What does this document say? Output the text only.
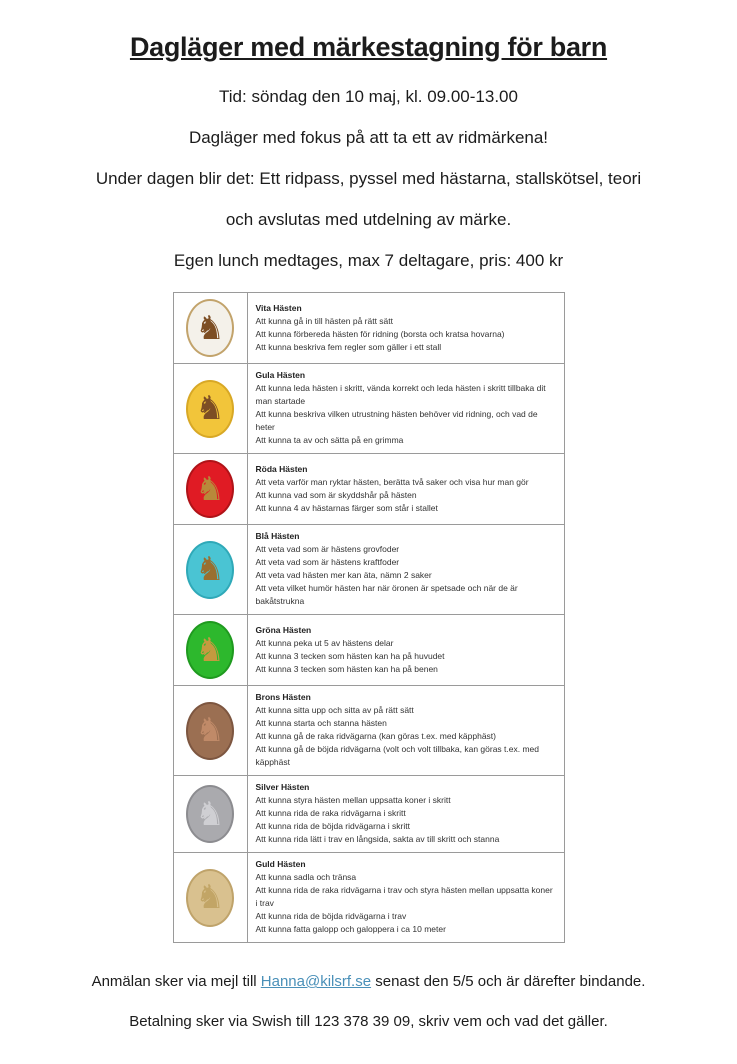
Dagläger med märkestagning för barn

Tid: söndag den 10 maj, kl. 09.00-13.00

Dagläger med fokus på att ta ett av ridmärkena!

Under dagen blir det: Ett ridpass, pyssel med hästarna, stallskötsel, teori

och avslutas med utdelning av märke.

Egen lunch medtages, max 7 deltagare, pris: 400 kr

♞	Vita Hästen
Att kunna gå in till hästen på rätt sätt
Att kunna förbereda hästen för ridning (borsta och kratsa hovarna)
Att kunna beskriva fem regler som gäller i ett stall

♞	Gula Hästen
Att kunna leda hästen i skritt, vända korrekt och leda hästen i skritt tillbaka dit man startade
Att kunna beskriva vilken utrustning hästen behöver vid ridning, och vad de heter
Att kunna ta av och sätta på en grimma

♞	Röda Hästen
Att veta varför man ryktar hästen, berätta två saker och visa hur man gör
Att kunna vad som är skyddshår på hästen
Att kunna 4 av hästarnas färger som står i stallet

♞	Blå Hästen
Att veta vad som är hästens grovfoder
Att veta vad som är hästens kraftfoder
Att veta vad hästen mer kan äta, nämn 2 saker
Att veta vilket humör hästen har när öronen är spetsade och när de är bakåtstrukna

♞	Gröna Hästen
Att kunna peka ut 5 av hästens delar
Att kunna 3 tecken som hästen kan ha på huvudet
Att kunna 3 tecken som hästen kan ha på benen

♞	Brons Hästen
Att kunna sitta upp och sitta av på rätt sätt
Att kunna starta och stanna hästen
Att kunna gå de raka ridvägarna (kan göras t.ex. med käpphäst)
Att kunna gå de böjda ridvägarna (volt och volt tillbaka, kan göras t.ex. med käpphäst

♞	Silver Hästen
Att kunna styra hästen mellan uppsatta koner i skritt
Att kunna rida de raka ridvägarna i skritt
Att kunna rida de böjda ridvägarna i skritt
Att kunna rida lätt i trav en långsida, sakta av till skritt och stanna

♞	Guld Hästen
Att kunna sadla och tränsa
Att kunna rida de raka ridvägarna i trav och styra hästen mellan uppsatta koner i trav
Att kunna rida de böjda ridvägarna i trav
Att kunna fatta galopp och galoppera i ca 10 meter

Anmälan sker via mejl till Hanna@kilsrf.se senast den 5/5 och är därefter bindande.

Betalning sker via Swish till 123 378 39 09, skriv vem och vad det gäller.
